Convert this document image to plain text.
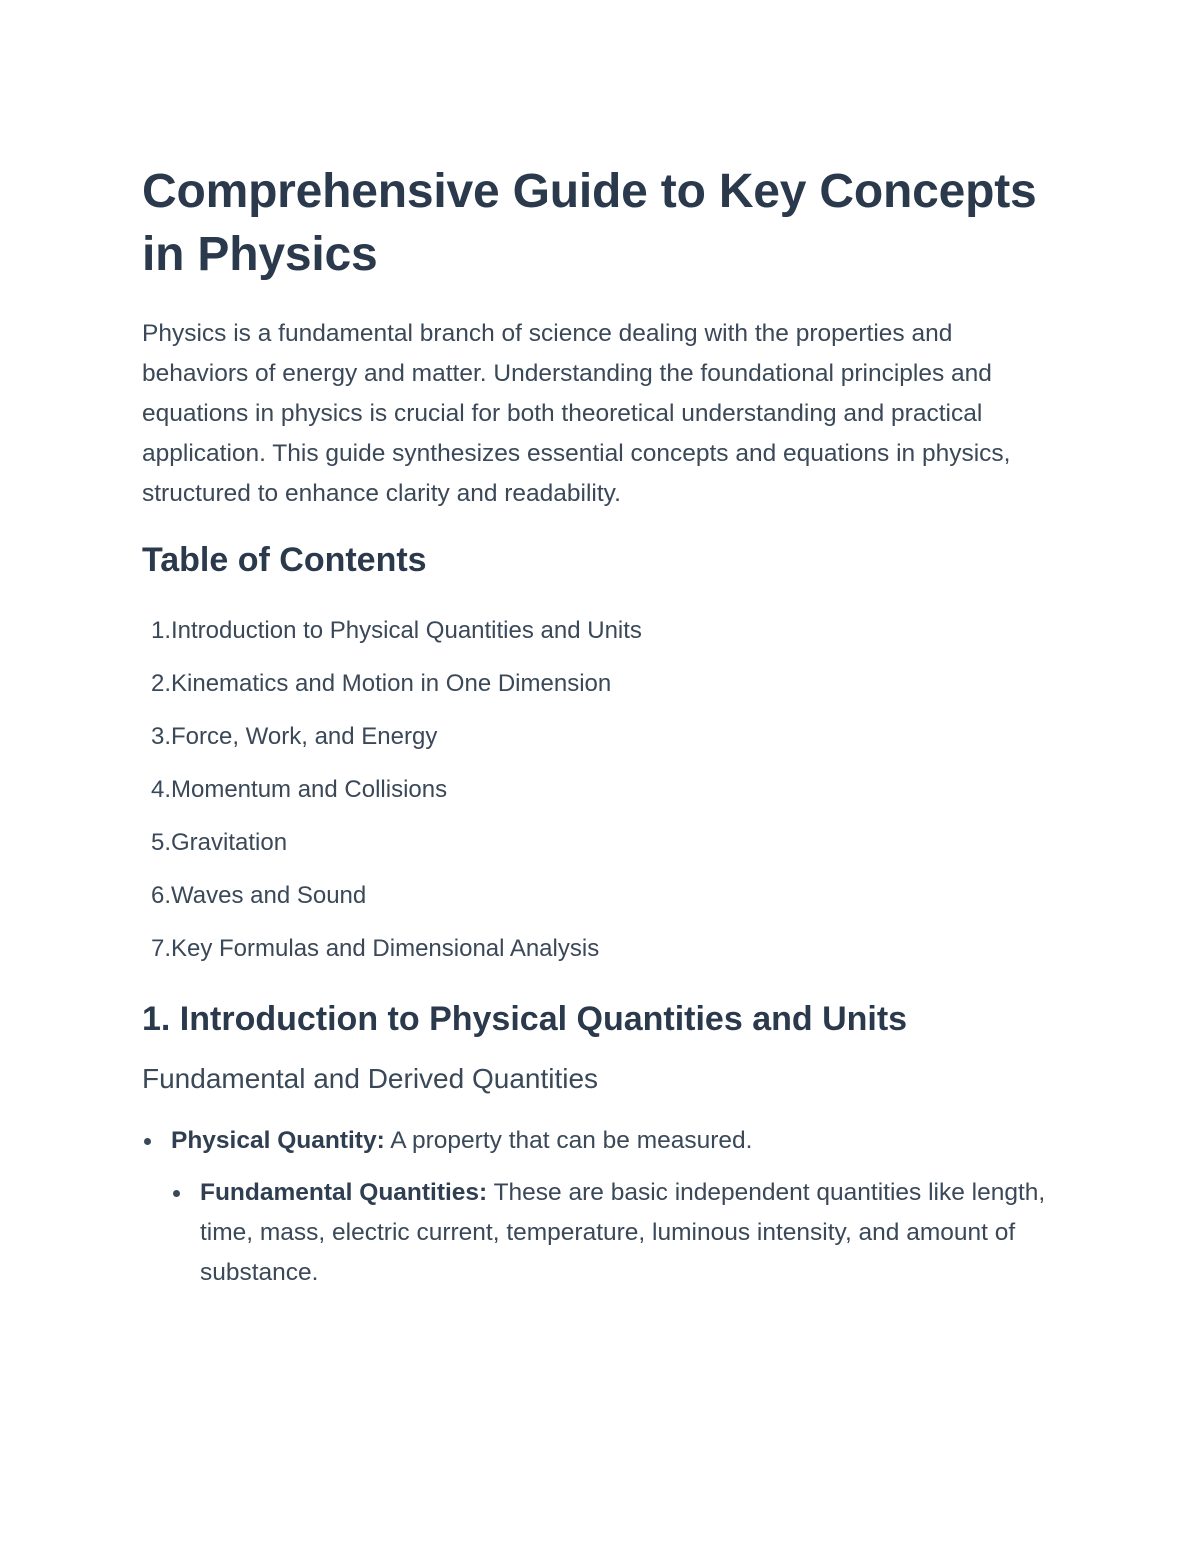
Comprehensive Guide to Key Concepts in Physics

Physics is a fundamental branch of science dealing with the properties and behaviors of energy and matter. Understanding the foundational principles and equations in physics is crucial for both theoretical understanding and practical application. This guide synthesizes essential concepts and equations in physics, structured to enhance clarity and readability.

Table of Contents
1. Introduction to Physical Quantities and Units
2. Kinematics and Motion in One Dimension
3. Force, Work, and Energy
4. Momentum and Collisions
5. Gravitation
6. Waves and Sound
7. Key Formulas and Dimensional Analysis
1. Introduction to Physical Quantities and Units
Fundamental and Derived Quantities
Physical Quantity: A property that can be measured.
Fundamental Quantities: These are basic independent quantities like length, time, mass, electric current, temperature, luminous intensity, and amount of substance.
